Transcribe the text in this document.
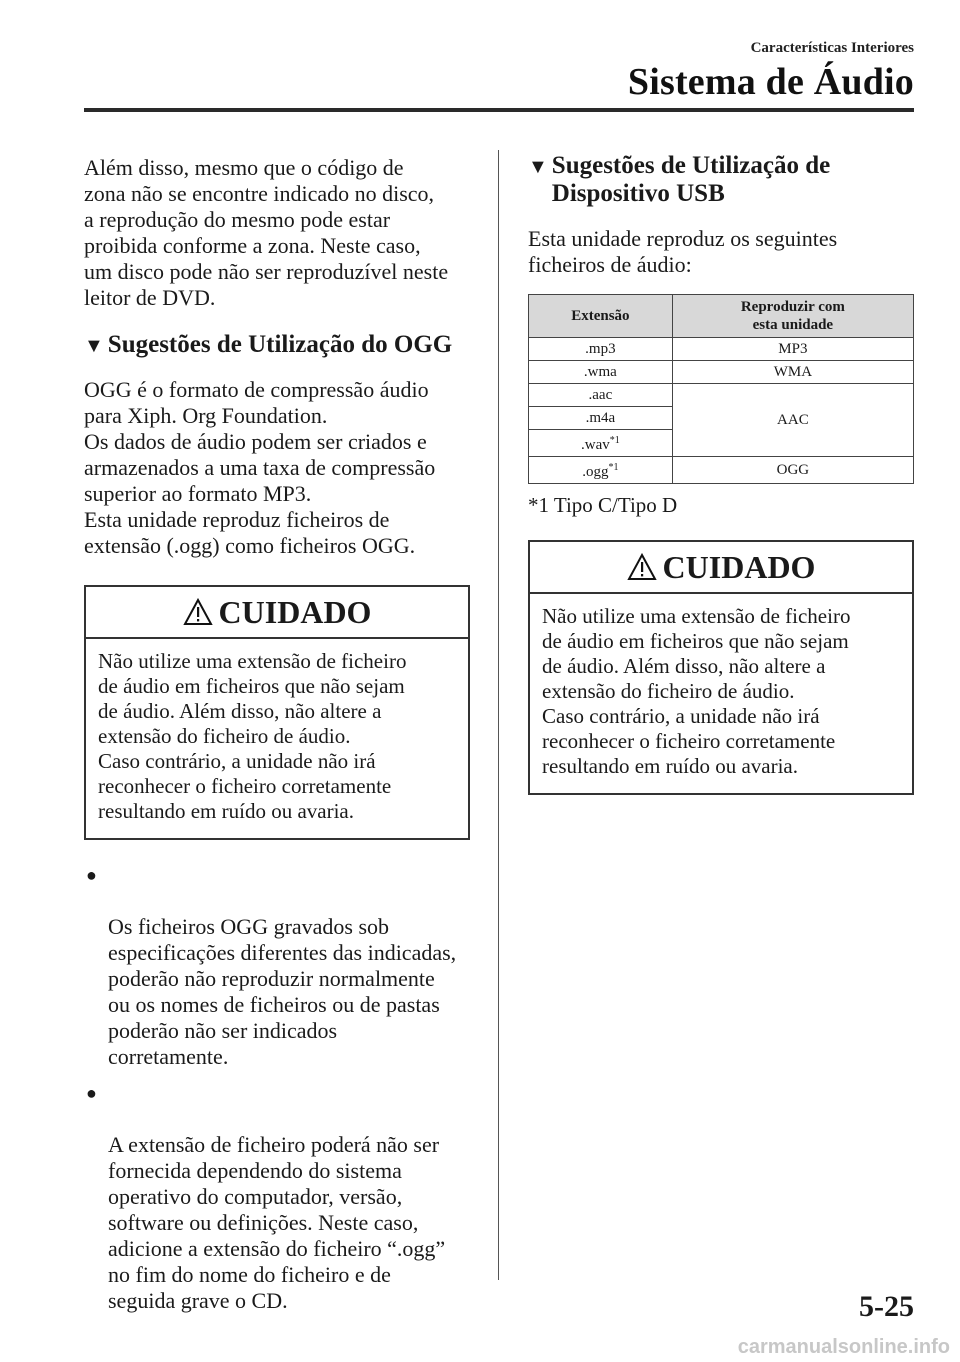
Características Interiores
Sistema de Áudio

Além disso, mesmo que o código de
zona não se encontre indicado no disco,
a reprodução do mesmo pode estar
proibida conforme a zona. Neste caso,
um disco pode não ser reproduzível neste
leitor de DVD.

▼ Sugestões de Utilização do OGG

OGG é o formato de compressão áudio
para Xiph. Org Foundation.
Os dados de áudio podem ser criados e
armazenados a uma taxa de compressão
superior ao formato MP3.
Esta unidade reproduz ficheiros de
extensão (.ogg) como ficheiros OGG.

CUIDADO
Não utilize uma extensão de ficheiro
de áudio em ficheiros que não sejam
de áudio. Além disso, não altere a
extensão do ficheiro de áudio.
Caso contrário, a unidade não irá
reconhecer o ficheiro corretamente
resultando em ruído ou avaria.

●

Os ficheiros OGG gravados sob
especificações diferentes das indicadas,
poderão não reproduzir normalmente
ou os nomes de ficheiros ou de pastas
poderão não ser indicados
corretamente.

●

A extensão de ficheiro poderá não ser
fornecida dependendo do sistema
operativo do computador, versão,
software ou definições. Neste caso,
adicione a extensão do ficheiro “.ogg”
no fim do nome do ficheiro e de
seguida grave o CD.

▼ Sugestões de Utilização de
Dispositivo USB

Esta unidade reproduz os seguintes
ficheiros de áudio:

Extensão	Reproduzir com
esta unidade
.mp3	MP3
.wma	WMA
.aac	AAC
.m4a	
.wav$^{*1}$
.ogg$^{*1}$	OGG
*1 Tipo C/Tipo D
CUIDADO
Não utilize uma extensão de ficheiro
de áudio em ficheiros que não sejam
de áudio. Além disso, não altere a
extensão do ficheiro de áudio.
Caso contrário, a unidade não irá
reconhecer o ficheiro corretamente
resultando em ruído ou avaria.
5-25
carmanualsonline.info
